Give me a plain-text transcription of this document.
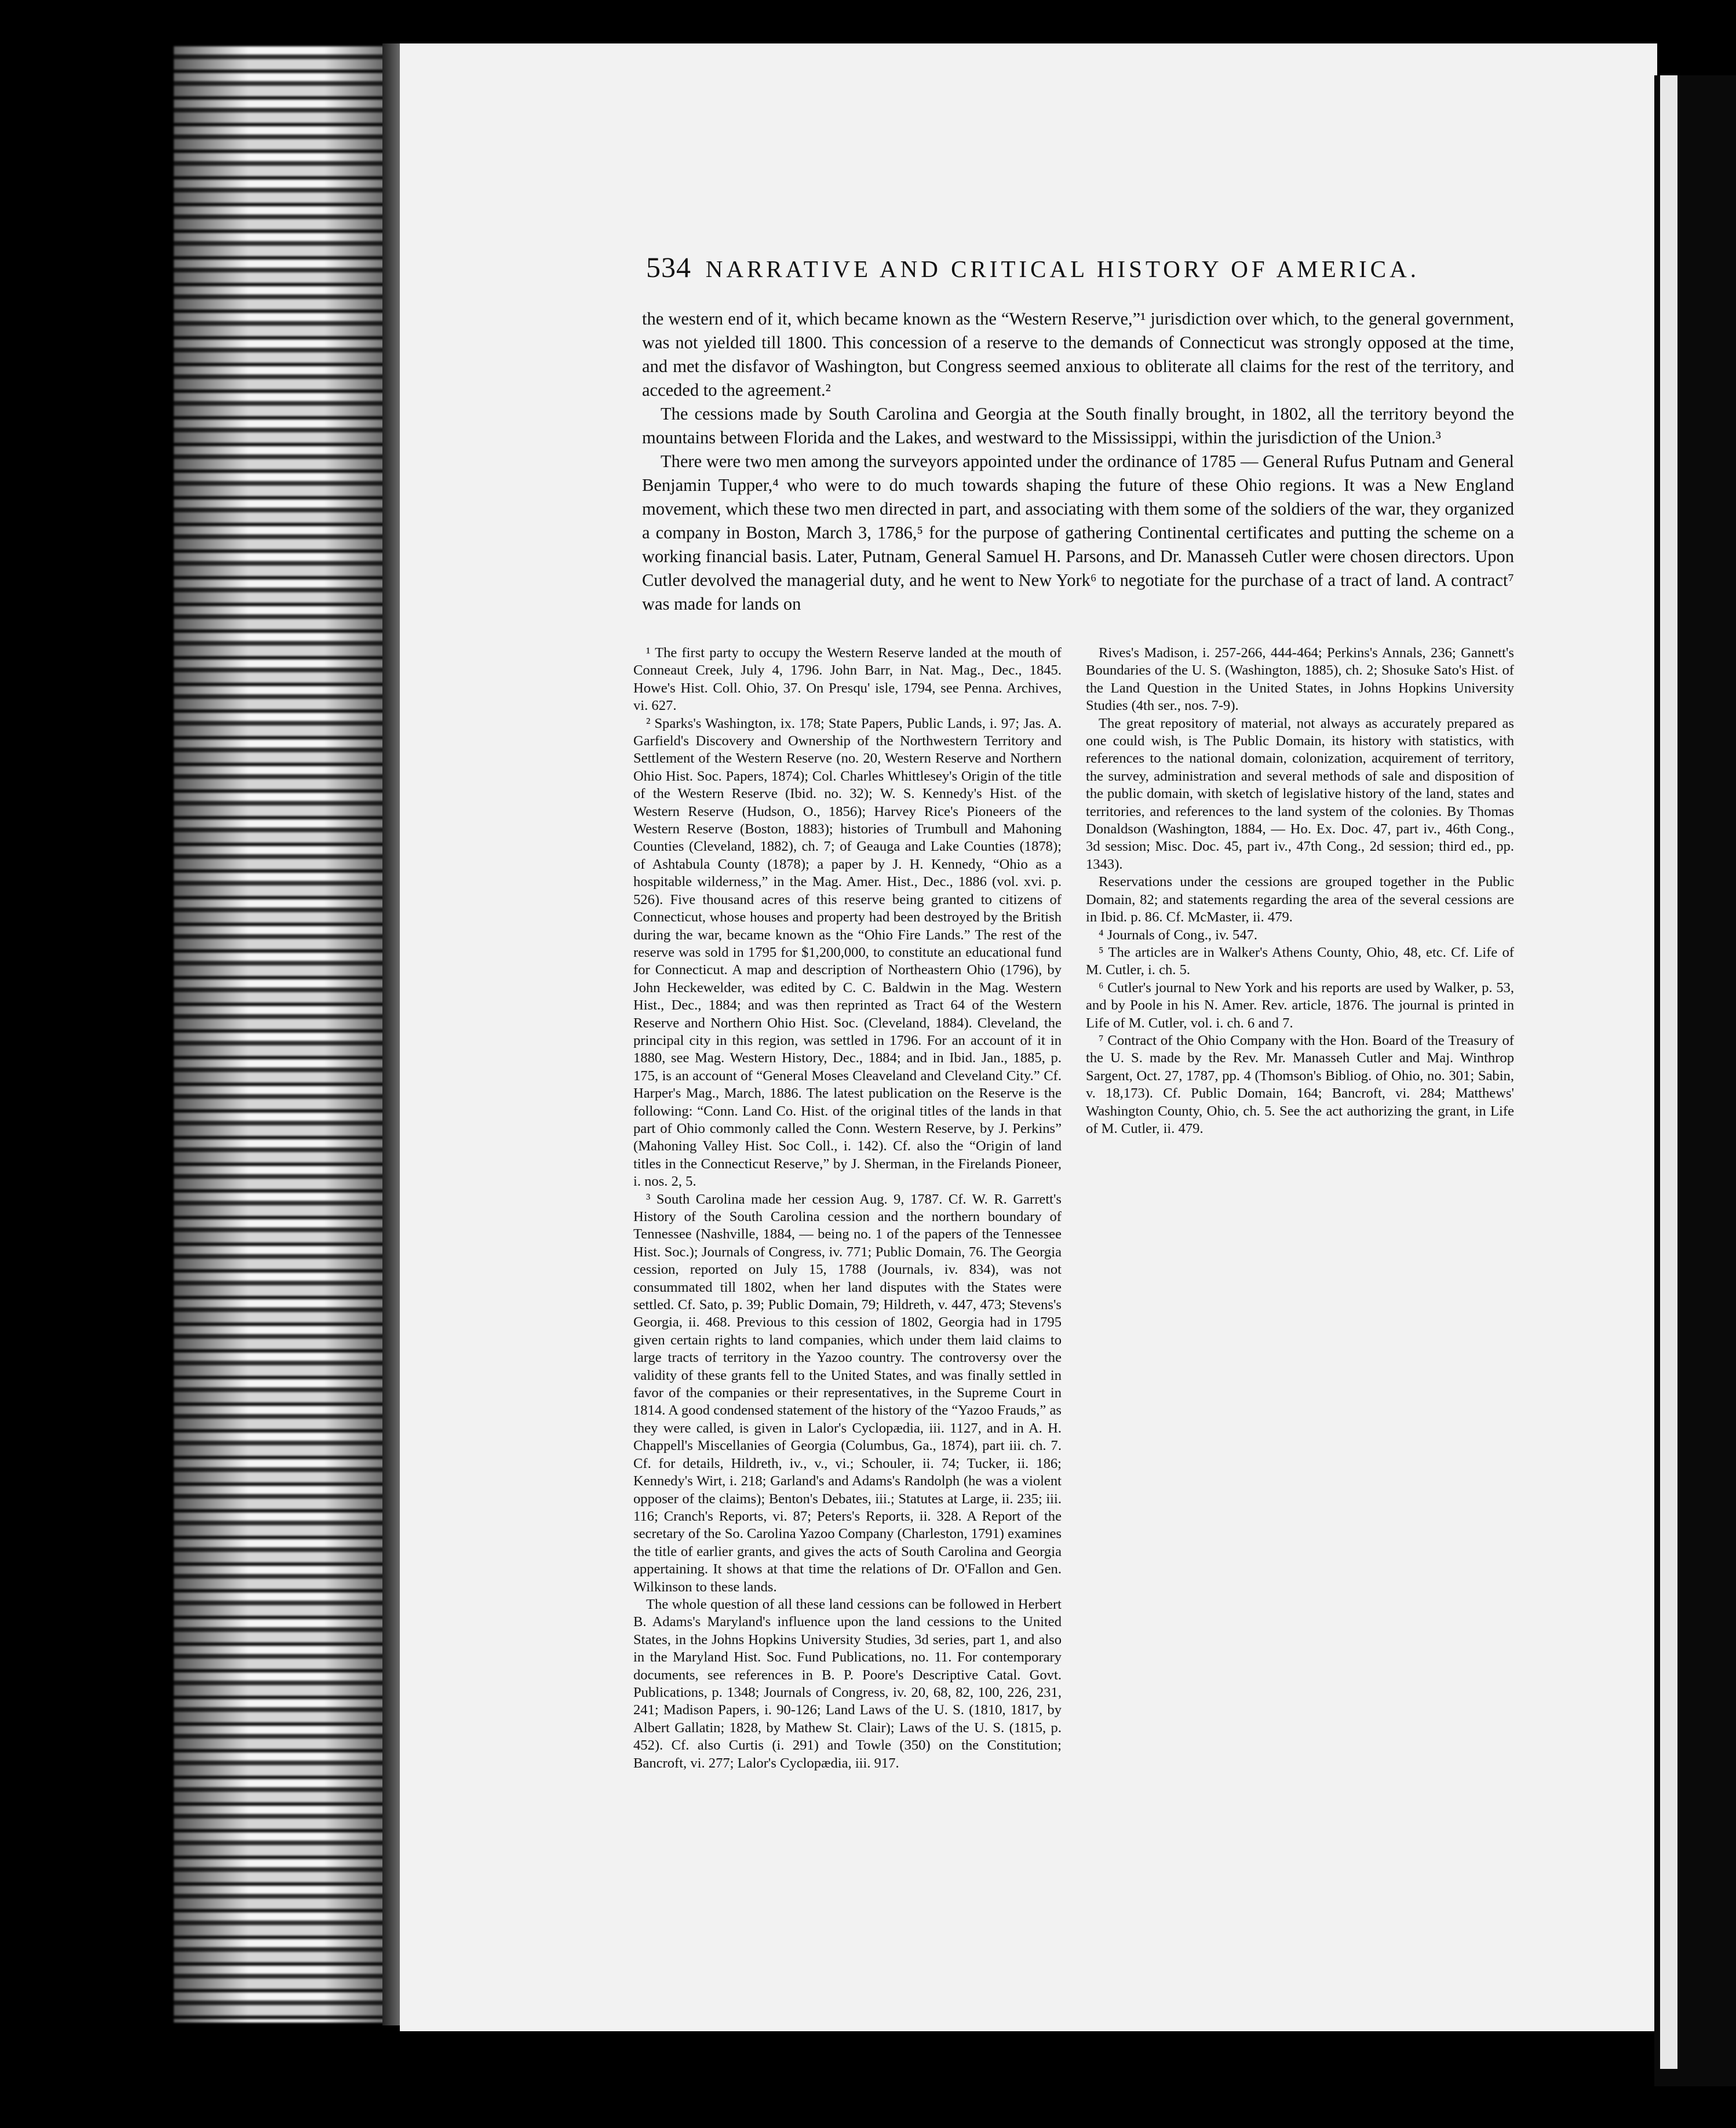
534 NARRATIVE AND CRITICAL HISTORY OF AMERICA.

the western end of it, which became known as the “Western Reserve,”¹ jurisdiction over which, to the general government, was not yielded till 1800. This concession of a reserve to the demands of Connecticut was strongly opposed at the time, and met the disfavor of Washington, but Congress seemed anxious to obliterate all claims for the rest of the territory, and acceded to the agreement.²

The cessions made by South Carolina and Georgia at the South finally brought, in 1802, all the territory beyond the mountains between Florida and the Lakes, and westward to the Mississippi, within the jurisdiction of the Union.³

There were two men among the surveyors appointed under the ordinance of 1785 — General Rufus Putnam and General Benjamin Tupper,⁴ who were to do much towards shaping the future of these Ohio regions. It was a New England movement, which these two men directed in part, and associating with them some of the soldiers of the war, they organized a company in Boston, March 3, 1786,⁵ for the purpose of gathering Continental certificates and putting the scheme on a working financial basis. Later, Putnam, General Samuel H. Parsons, and Dr. Manasseh Cutler were chosen directors. Upon Cutler devolved the managerial duty, and he went to New York⁶ to negotiate for the purchase of a tract of land. A contract⁷ was made for lands on

¹ The first party to occupy the Western Reserve landed at the mouth of Conneaut Creek, July 4, 1796. John Barr, in Nat. Mag., Dec., 1845. Howe's Hist. Coll. Ohio, 37. On Presqu' isle, 1794, see Penna. Archives, vi. 627.

² Sparks's Washington, ix. 178; State Papers, Public Lands, i. 97; Jas. A. Garfield's Discovery and Ownership of the Northwestern Territory and Settlement of the Western Reserve (no. 20, Western Reserve and Northern Ohio Hist. Soc. Papers, 1874); Col. Charles Whittlesey's Origin of the title of the Western Reserve (Ibid. no. 32); W. S. Kennedy's Hist. of the Western Reserve (Hudson, O., 1856); Harvey Rice's Pioneers of the Western Reserve (Boston, 1883); histories of Trumbull and Mahoning Counties (Cleveland, 1882), ch. 7; of Geauga and Lake Counties (1878); of Ashtabula County (1878); a paper by J. H. Kennedy, “Ohio as a hospitable wilderness,” in the Mag. Amer. Hist., Dec., 1886 (vol. xvi. p. 526). Five thousand acres of this reserve being granted to citizens of Connecticut, whose houses and property had been destroyed by the British during the war, became known as the “Ohio Fire Lands.” The rest of the reserve was sold in 1795 for $1,200,000, to constitute an educational fund for Connecticut. A map and description of Northeastern Ohio (1796), by John Heckewelder, was edited by C. C. Baldwin in the Mag. Western Hist., Dec., 1884; and was then reprinted as Tract 64 of the Western Reserve and Northern Ohio Hist. Soc. (Cleveland, 1884). Cleveland, the principal city in this region, was settled in 1796. For an account of it in 1880, see Mag. Western History, Dec., 1884; and in Ibid. Jan., 1885, p. 175, is an account of “General Moses Cleaveland and Cleveland City.” Cf. Harper's Mag., March, 1886. The latest publication on the Reserve is the following: “Conn. Land Co. Hist. of the original titles of the lands in that part of Ohio commonly called the Conn. Western Reserve, by J. Perkins” (Mahoning Valley Hist. Soc Coll., i. 142). Cf. also the “Origin of land titles in the Connecticut Reserve,” by J. Sherman, in the Firelands Pioneer, i. nos. 2, 5.

³ South Carolina made her cession Aug. 9, 1787. Cf. W. R. Garrett's History of the South Carolina cession and the northern boundary of Tennessee (Nashville, 1884, — being no. 1 of the papers of the Tennessee Hist. Soc.); Journals of Congress, iv. 771; Public Domain, 76. The Georgia cession, reported on July 15, 1788 (Journals, iv. 834), was not consummated till 1802, when her land disputes with the States were settled. Cf. Sato, p. 39; Public Domain, 79; Hildreth, v. 447, 473; Stevens's Georgia, ii. 468. Previous to this cession of 1802, Georgia had in 1795 given certain rights to land companies, which under them laid claims to large tracts of territory in the Yazoo country. The controversy over the validity of these grants fell to the United States, and was finally settled in favor of the companies or their representatives, in the Supreme Court in 1814. A good condensed statement of the history of the “Yazoo Frauds,” as they were called, is given in Lalor's Cyclopædia, iii. 1127, and in A. H. Chappell's Miscellanies of Georgia (Columbus, Ga., 1874), part iii. ch. 7. Cf. for details, Hildreth, iv., v., vi.; Schouler, ii. 74; Tucker, ii. 186; Kennedy's Wirt, i. 218; Garland's and Adams's Randolph (he was a violent opposer of the claims); Benton's Debates, iii.; Statutes at Large, ii. 235; iii. 116; Cranch's Reports, vi. 87; Peters's Reports, ii. 328. A Report of the secretary of the So. Carolina Yazoo Company (Charleston, 1791) examines the title of earlier grants, and gives the acts of South Carolina and Georgia appertaining. It shows at that time the relations of Dr. O'Fallon and Gen. Wilkinson to these lands.

The whole question of all these land cessions can be followed in Herbert B. Adams's Maryland's influence upon the land cessions to the United States, in the Johns Hopkins University Studies, 3d series, part 1, and also in the Maryland Hist. Soc. Fund Publications, no. 11. For contemporary documents, see references in B. P. Poore's Descriptive Catal. Govt. Publications, p. 1348; Journals of Congress, iv. 20, 68, 82, 100, 226, 231, 241; Madison Papers, i. 90-126; Land Laws of the U. S. (1810, 1817, by Albert Gallatin; 1828, by Mathew St. Clair); Laws of the U. S. (1815, p. 452). Cf. also Curtis (i. 291) and Towle (350) on the Constitution; Bancroft, vi. 277; Lalor's Cyclopædia, iii. 917.

Rives's Madison, i. 257-266, 444-464; Perkins's Annals, 236; Gannett's Boundaries of the U. S. (Washington, 1885), ch. 2; Shosuke Sato's Hist. of the Land Question in the United States, in Johns Hopkins University Studies (4th ser., nos. 7-9).

The great repository of material, not always as accurately prepared as one could wish, is The Public Domain, its history with statistics, with references to the national domain, colonization, acquirement of territory, the survey, administration and several methods of sale and disposition of the public domain, with sketch of legislative history of the land, states and territories, and references to the land system of the colonies. By Thomas Donaldson (Washington, 1884, — Ho. Ex. Doc. 47, part iv., 46th Cong., 3d session; Misc. Doc. 45, part iv., 47th Cong., 2d session; third ed., pp. 1343).

Reservations under the cessions are grouped together in the Public Domain, 82; and statements regarding the area of the several cessions are in Ibid. p. 86. Cf. McMaster, ii. 479.

⁴ Journals of Cong., iv. 547.

⁵ The articles are in Walker's Athens County, Ohio, 48, etc. Cf. Life of M. Cutler, i. ch. 5.

⁶ Cutler's journal to New York and his reports are used by Walker, p. 53, and by Poole in his N. Amer. Rev. article, 1876. The journal is printed in Life of M. Cutler, vol. i. ch. 6 and 7.

⁷ Contract of the Ohio Company with the Hon. Board of the Treasury of the U. S. made by the Rev. Mr. Manasseh Cutler and Maj. Winthrop Sargent, Oct. 27, 1787, pp. 4 (Thomson's Bibliog. of Ohio, no. 301; Sabin, v. 18,173). Cf. Public Domain, 164; Bancroft, vi. 284; Matthews' Washington County, Ohio, ch. 5. See the act authorizing the grant, in Life of M. Cutler, ii. 479.
